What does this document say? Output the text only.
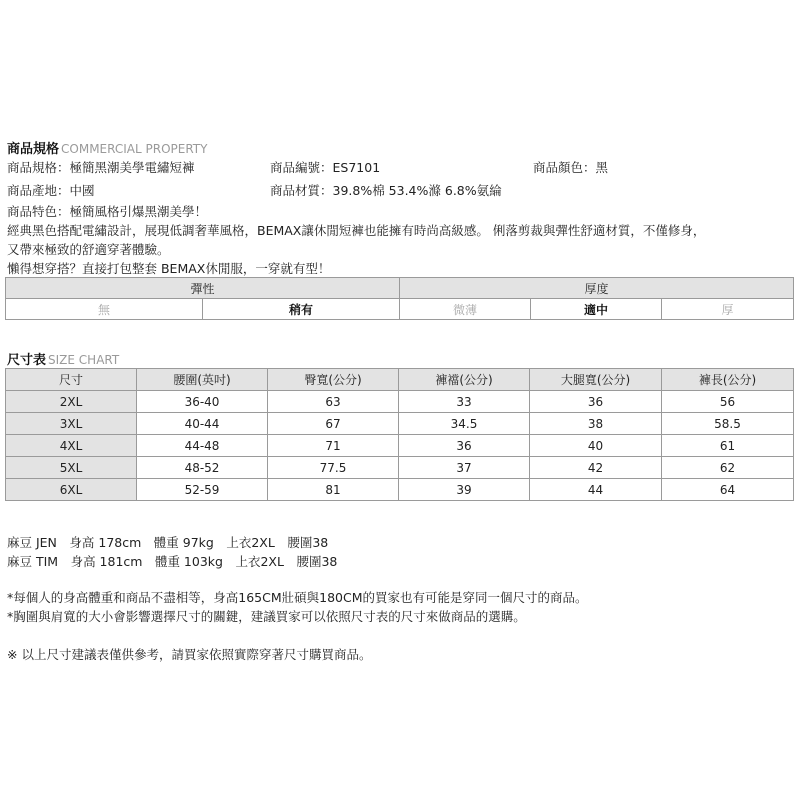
商品規格 COMMERCIAL PROPERTY
商品規格：極簡黑潮美學電繡短褲	商品編號：ES7101	商品顏色：黑
商品產地：中國	商品材質：39.8%棉 53.4%滌 6.8%氨綸
商品特色：極簡風格引爆黑潮美學！
經典黑色搭配電繡設計，展現低調奢華風格，BEMAX讓休閒短褲也能擁有時尚高級感。 俐落剪裁與彈性舒適材質，不僅修身，
又帶來極致的舒適穿著體驗。
懶得想穿搭？直接打包整套 BEMAX休閒服，一穿就有型！
彈性		厚度		
無	稍有	微薄	適中	厚
尺寸表 SIZE CHART
尺寸	腰圍(英吋)	臀寬(公分)	褲襠(公分)	大腿寬(公分)	褲長(公分)
2XL	36-40	63	33	36	56
3XL	40-44	67	34.5	38	58.5
4XL	44-48	71	36	40	61
5XL	48-52	77.5	37	42	62
6XL	52-59	81	39	44	64
麻豆 JEN　身高 178cm　體重 97kg　上衣2XL　腰圍38
麻豆 TIM　身高 181cm　體重 103kg　上衣2XL　腰圍38
*每個人的身高體重和商品不盡相等，身高165CM壯碩與180CM的買家也有可能是穿同一個尺寸的商品。
*胸圍與肩寬的大小會影響選擇尺寸的關鍵，建議買家可以依照尺寸表的尺寸來做商品的選購。
※ 以上尺寸建議表僅供參考，請買家依照實際穿著尺寸購買商品。
